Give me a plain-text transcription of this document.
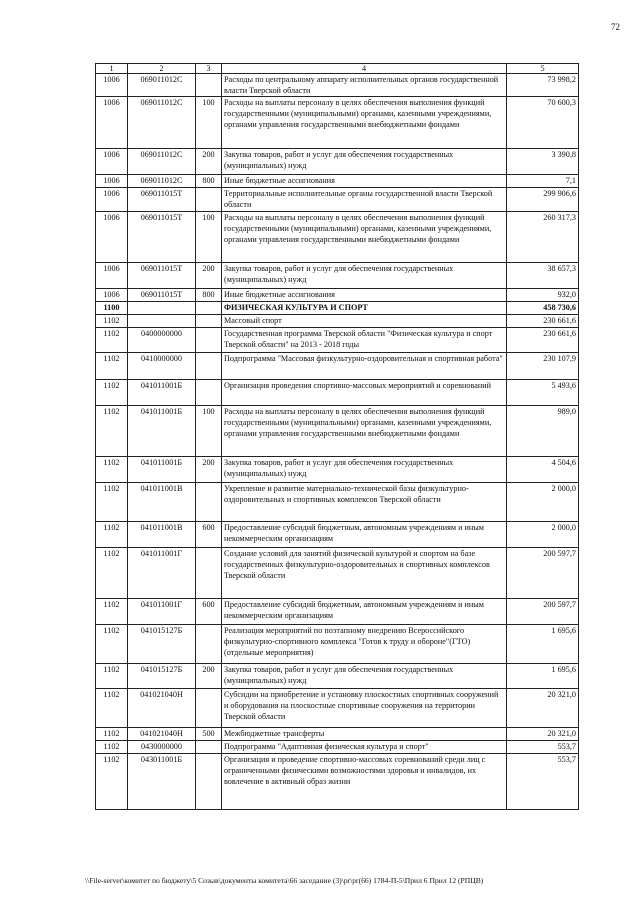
72
1	2	3	4	5
1006	069011012С		Расходы по центральному аппарату исполнительных органов государственной власти Тверской области	73 998,2
1006	069011012С	100	Расходы на выплаты персоналу в целях обеспечения выполнения функций государственными (муниципальными) органами, казенными учреждениями, органами управления государственными внебюджетными фондами	70 600,3
1006	069011012С	200	Закупка товаров, работ и услуг для обеспечения государственных (муниципальных) нужд	3 390,8
1006	069011012С	800	Иные бюджетные ассигнования	7,1
1006	069011015Т		Территориальные исполнительные органы государственной власти Тверской области	299 906,6
1006	069011015Т	100	Расходы на выплаты персоналу в целях обеспечения выполнения функций государственными (муниципальными) органами, казенными учреждениями, органами управления государственными внебюджетными фондами	260 317,3
1006	069011015Т	200	Закупка товаров, работ и услуг для обеспечения государственных (муниципальных) нужд	38 657,3
1006	069011015Т	800	Иные бюджетные ассигнования	932,0
1100			ФИЗИЧЕСКАЯ КУЛЬТУРА И СПОРТ	458 730,6
1102			Массовый спорт	230 661,6
1102	0400000000		Государственная программа Тверской области "Физическая культура и спорт Тверской области" на 2013 - 2018 годы	230 661,6
1102	0410000000		Подпрограмма "Массовая физкультурно-оздоровительная и спортивная работа"	230 107,9
1102	041011001Б		Организация проведения спортивно-массовых мероприятий и соревнований	5 493,6
1102	041011001Б	100	Расходы на выплаты персоналу в целях обеспечения выполнения функций государственными (муниципальными) органами, казенными учреждениями, органами управления государственными внебюджетными фондами	989,0
1102	041011001Б	200	Закупка товаров, работ и услуг для обеспечения государственных (муниципальных) нужд	4 504,6
1102	041011001В		Укрепление и развитие материально-технической базы физкультурно-оздоровительных и спортивных комплексов Тверской области	2 000,0
1102	041011001В	600	Предоставление субсидий бюджетным, автономным учреждениям и иным некоммерческим организациям	2 000,0
1102	041011001Г		Создание условий для занятий физической культурой и спортом на базе государственных физкультурно-оздоровительных и спортивных комплексов Тверской области	200 597,7
1102	041011001Г	600	Предоставление субсидий бюджетным, автономным учреждениям и иным некоммерческим организациям	200 597,7
1102	041015127Б		Реализация мероприятий по поэтапному внедрению Всероссийского физкультурно-спортивного комплекса "Готов к труду и обороне"(ГТО) (отдельные мероприятия)	1 695,6
1102	041015127Б	200	Закупка товаров, работ и услуг для обеспечения государственных (муниципальных) нужд	1 695,6
1102	041021040Н		Субсидии на приобретение и установку плоскостных спортивных сооружений и оборудования на плоскостные спортивные сооружения на территории Тверской области	20 321,0
1102	041021040Н	500	Межбюджетные трансферты	20 321,0
1102	0430000000		Подпрограмма "Адаптивная физическая культура и спорт"	553,7
1102	043011001Б		Организация и проведение спортивно-массовых соревнований среди лиц с ограниченными физическими возможностями здоровья и инвалидов, их вовлечение в активный образ жизни	553,7
\\File-server\комитет по бюджету\5 Созыв\документы комитета\66 заседание (3)\pr\pr(66) 1784-П-5\Прил 6 Прил 12 (РПЦВ)
